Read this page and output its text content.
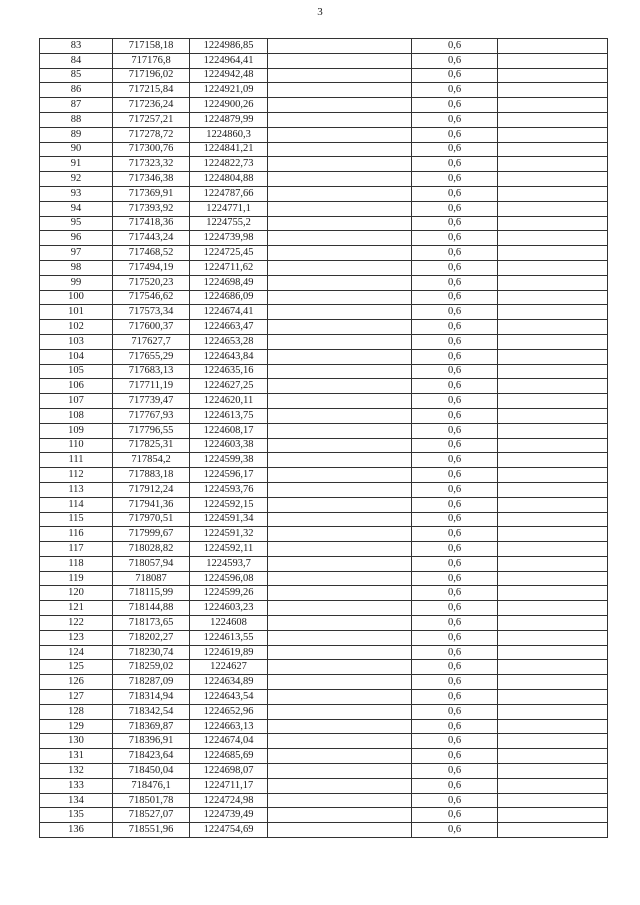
3
83	717158,18	1224986,85		0,6	
84	717176,8	1224964,41		0,6	
85	717196,02	1224942,48		0,6	
86	717215,84	1224921,09		0,6	
87	717236,24	1224900,26		0,6	
88	717257,21	1224879,99		0,6	
89	717278,72	1224860,3		0,6	
90	717300,76	1224841,21		0,6	
91	717323,32	1224822,73		0,6	
92	717346,38	1224804,88		0,6	
93	717369,91	1224787,66		0,6	
94	717393,92	1224771,1		0,6	
95	717418,36	1224755,2		0,6	
96	717443,24	1224739,98		0,6	
97	717468,52	1224725,45		0,6	
98	717494,19	1224711,62		0,6	
99	717520,23	1224698,49		0,6	
100	717546,62	1224686,09		0,6	
101	717573,34	1224674,41		0,6	
102	717600,37	1224663,47		0,6	
103	717627,7	1224653,28		0,6	
104	717655,29	1224643,84		0,6	
105	717683,13	1224635,16		0,6	
106	717711,19	1224627,25		0,6	
107	717739,47	1224620,11		0,6	
108	717767,93	1224613,75		0,6	
109	717796,55	1224608,17		0,6	
110	717825,31	1224603,38		0,6	
111	717854,2	1224599,38		0,6	
112	717883,18	1224596,17		0,6	
113	717912,24	1224593,76		0,6	
114	717941,36	1224592,15		0,6	
115	717970,51	1224591,34		0,6	
116	717999,67	1224591,32		0,6	
117	718028,82	1224592,11		0,6	
118	718057,94	1224593,7		0,6	
119	718087	1224596,08		0,6	
120	718115,99	1224599,26		0,6	
121	718144,88	1224603,23		0,6	
122	718173,65	1224608		0,6	
123	718202,27	1224613,55		0,6	
124	718230,74	1224619,89		0,6	
125	718259,02	1224627		0,6	
126	718287,09	1224634,89		0,6	
127	718314,94	1224643,54		0,6	
128	718342,54	1224652,96		0,6	
129	718369,87	1224663,13		0,6	
130	718396,91	1224674,04		0,6	
131	718423,64	1224685,69		0,6	
132	718450,04	1224698,07		0,6	
133	718476,1	1224711,17		0,6	
134	718501,78	1224724,98		0,6	
135	718527,07	1224739,49		0,6	
136	718551,96	1224754,69		0,6	
